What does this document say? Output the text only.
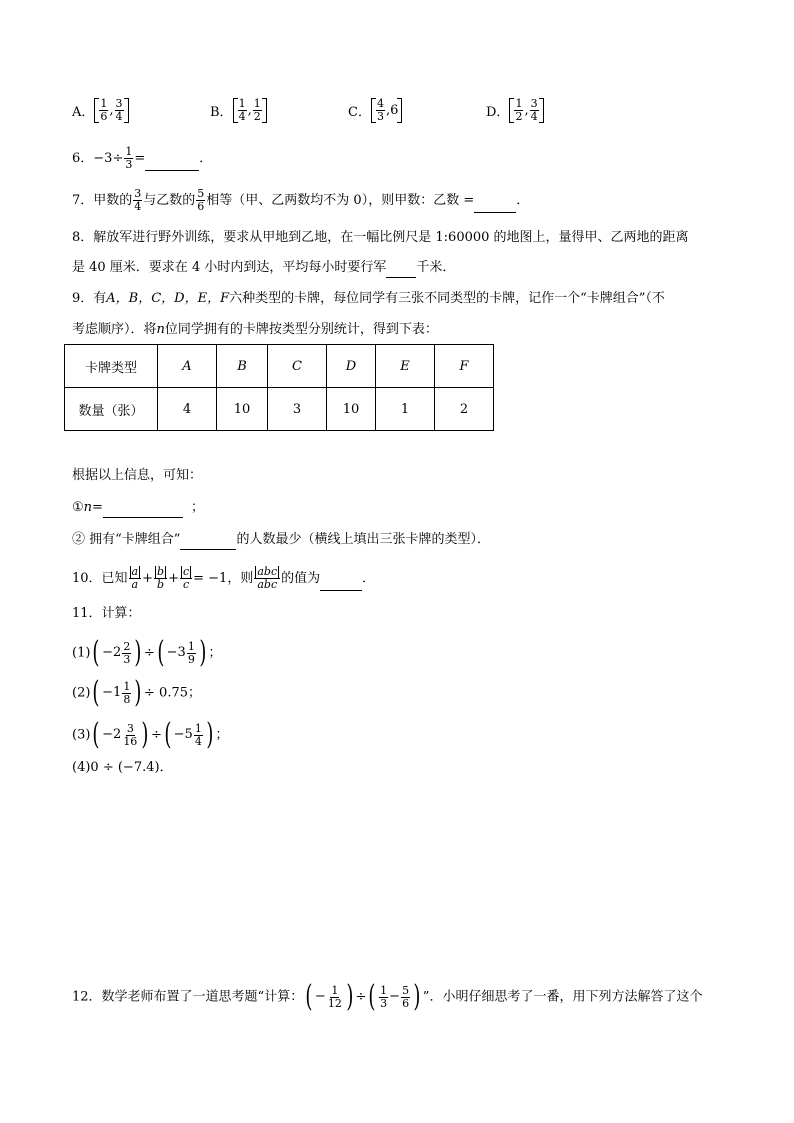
A． $\frac{1}{6}$ , $\frac{3}{4}$	B． $\frac{1}{4}$ , $\frac{1}{2}$	C． $\frac{4}{3}$ , 6	D． $\frac{1}{2}$ , $\frac{3}{4}$
6．$-3\div \frac{1}{3}$ =	．
7．甲数的 $\frac{3}{4}$ 与乙数的 $\frac{5}{6}$ 相等（甲、乙两数均不为 0），则甲数：乙数 =	．
8．解放军进行野外训练，要求从甲地到乙地，在一幅比例尺是 1:60000 的地图上，量得甲、乙两地的距离
是 40 厘米．要求在 4 小时内到达，平均每小时要行军 千米．
9．有A，B，C，D，E，F六种类型的卡牌，每位同学有三张不同类型的卡牌，记作一个“卡牌组合”（不
考虑顺序）．将n位同学拥有的卡牌按类型分别统计，得到下表：
卡牌类型	A	B	C	D	E	F
数量（张）	4	10	3	10	1	2
根据以上信息，可知：
①n=	；
② 拥有“卡牌组合”	的人数最少（横线上填出三张卡牌的类型）．
10．已知 $\frac{a}{a} + \frac{b}{b} + \frac{c}{c} = -1$，则 $\frac{\text{abc}}{\text{abc}}$ 的值为	．
11．计算：
(1) ( $-2 \frac{2}{3}$ ) ÷ ( $-3 \frac{1}{9}$ ) ；
(2) ( $-1 \frac{1}{8}$ ) ÷ 0.75；
(3) ( $-2 \frac{3}{16}$ ) ÷ ( $-5 \frac{1}{4}$ ) ；
(4)0 ÷ (−7.4)．
12．数学老师布置了一道思考题“计算： ( − $\frac{1}{12}$ ) ÷ ( $\frac{1}{3} - \frac{5}{6}$ ) ”．小明仔细思考了一番，用下列方法解答了这个
